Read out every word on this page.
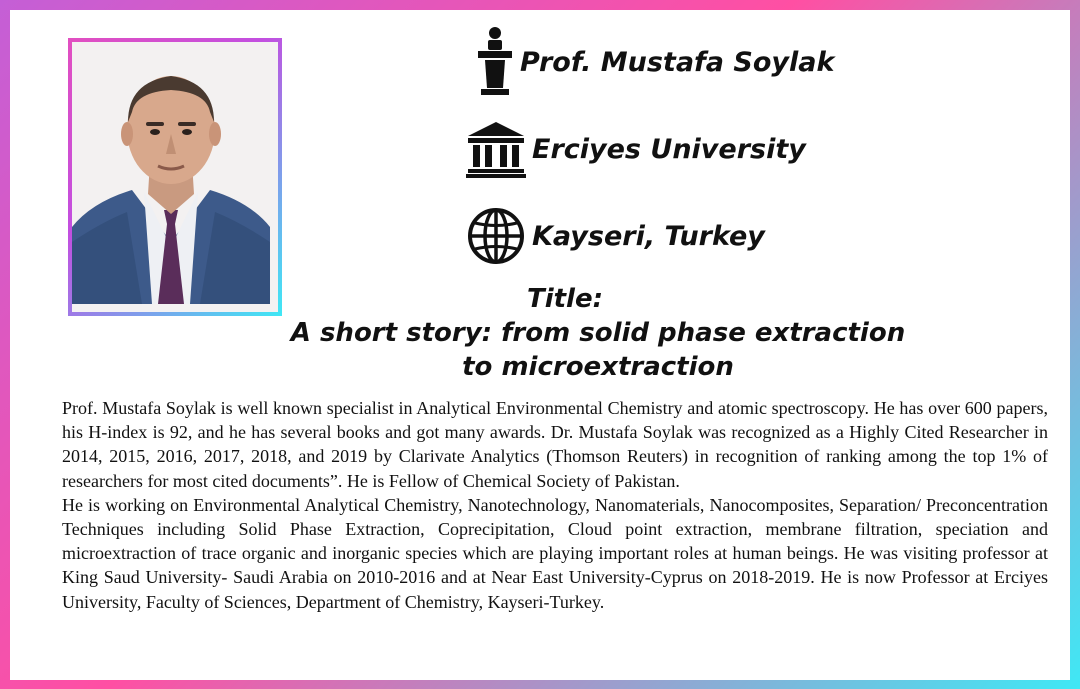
Prof. Mustafa Soylak
Erciyes University
Kayseri, Turkey
Title:
A short story: from solid phase extraction to microextraction

Prof. Mustafa Soylak is well known specialist in Analytical Environmental Chemistry and atomic spectroscopy. He has over 600 papers, his H-index is 92, and he has several books and got many awards. Dr. Mustafa Soylak was recognized as a Highly Cited Researcher in 2014, 2015, 2016, 2017, 2018, and 2019 by Clarivate Analytics (Thomson Reuters) in recognition of ranking among the top 1% of researchers for most cited documents”. He is Fellow of Chemical Society of Pakistan.

He is working on Environmental Analytical Chemistry, Nanotechnology, Nanomaterials, Nanocomposites, Separation/ Preconcentration Techniques including Solid Phase Extraction, Coprecipitation, Cloud point extraction, membrane filtration, speciation and microextraction of trace organic and inorganic species which are playing important roles at human beings. He was visiting professor at King Saud University- Saudi Arabia on 2010-2016 and at Near East University-Cyprus on 2018-2019. He is now Professor at Erciyes University, Faculty of Sciences, Department of Chemistry, Kayseri-Turkey.
